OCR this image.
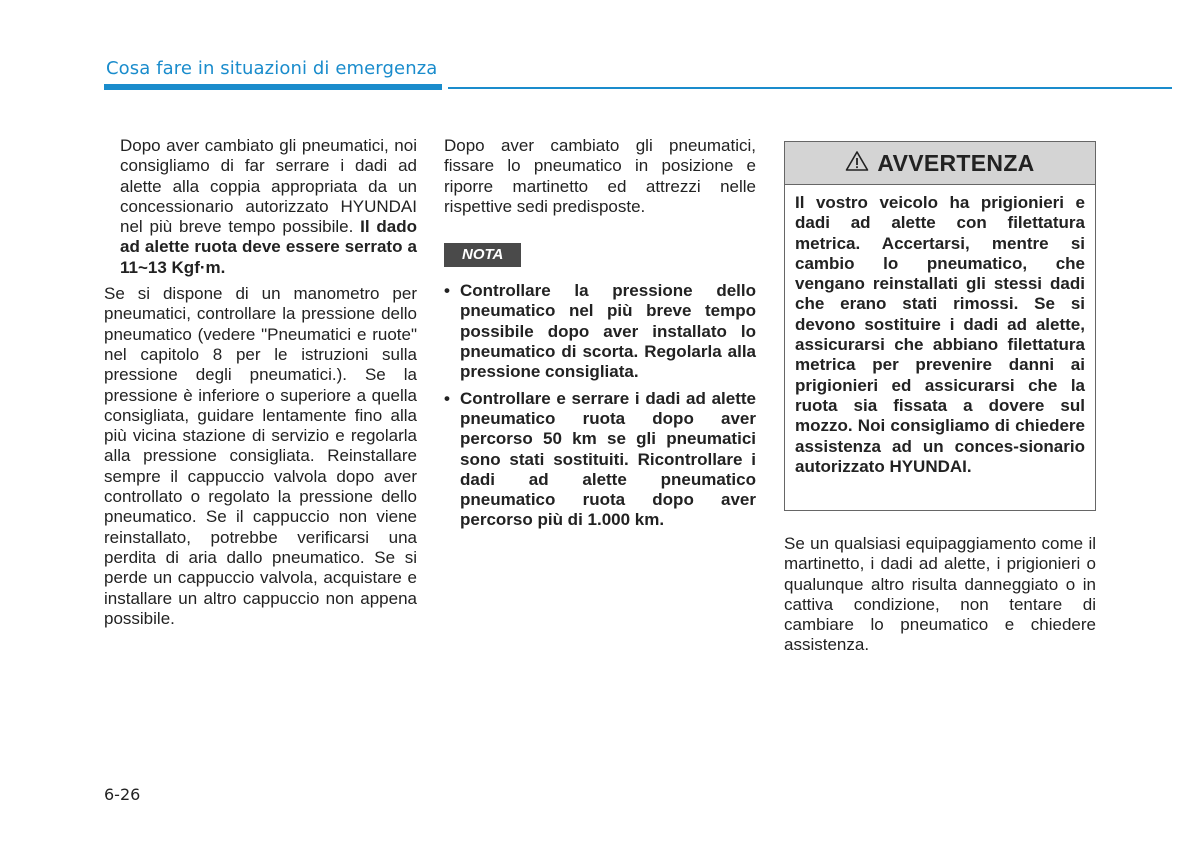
Cosa fare in situazioni di emergenza

Dopo aver cambiato gli pneumatici, noi consigliamo di far serrare i dadi ad alette alla coppia appropriata da un concessionario autorizzato HYUNDAI nel più breve tempo possibile. Il dado ad alette ruota deve essere serrato a 11~13 Kgf·m.

Se si dispone di un manometro per pneumatici, controllare la pressione dello pneumatico (vedere "Pneumatici e ruote" nel capitolo 8 per le istruzioni sulla pressione degli pneumatici.). Se la pressione è inferiore o superiore a quella consigliata, guidare lentamente fino alla più vicina stazione di servizio e regolarla alla pressione consigliata. Reinstallare sempre il cappuccio valvola dopo aver controllato o regolato la pressione dello pneumatico. Se il cappuccio non viene reinstallato, potrebbe verificarsi una perdita di aria dallo pneumatico. Se si perde un cappuccio valvola, acquistare e installare un altro cappuccio non appena possibile.

Dopo aver cambiato gli pneumatici, fissare lo pneumatico in posizione e riporre martinetto ed attrezzi nelle rispettive sedi predisposte.

NOTA
• Controllare la pressione dello pneumatico nel più breve tempo possibile dopo aver installato lo pneumatico di scorta. Regolarla alla pressione consigliata.
• Controllare e serrare i dadi ad alette pneumatico ruota dopo aver percorso 50 km se gli pneumatici sono stati sostituiti. Ricontrollare i dadi ad alette pneumatico pneumatico ruota dopo aver percorso più di 1.000 km.
AVVERTENZA
Il vostro veicolo ha prigionieri e dadi ad alette con filettatura metrica. Accertarsi, mentre si cambio lo pneumatico, che vengano reinstallati gli stessi dadi che erano stati rimossi. Se si devono sostituire i dadi ad alette, assicurarsi che abbiano filettatura metrica per prevenire danni ai prigionieri ed assicurarsi che la ruota sia fissata a dovere sul mozzo. Noi consigliamo di chiedere assistenza ad un conces-sionario autorizzato HYUNDAI.

Se un qualsiasi equipaggiamento come il martinetto, i dadi ad alette, i prigionieri o qualunque altro risulta danneggiato o in cattiva condizione, non tentare di cambiare lo pneumatico e chiedere assistenza.

6-26
